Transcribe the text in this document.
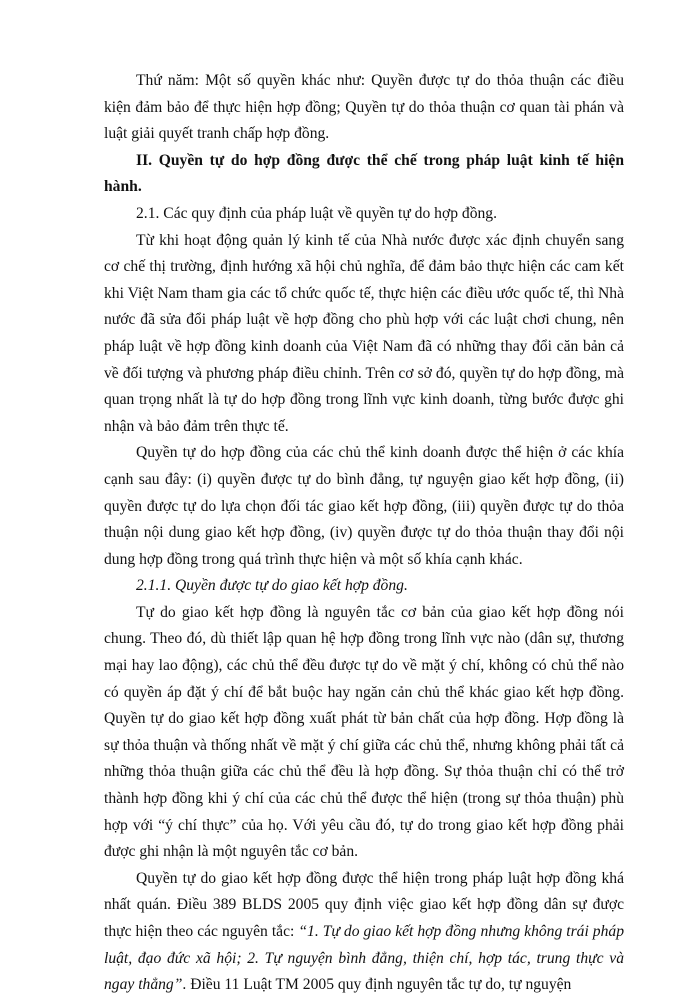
Thứ năm: Một số quyền khác như: Quyền được tự do thỏa thuận các điều kiện đảm bảo để thực hiện hợp đồng; Quyền tự do thỏa thuận cơ quan tài phán và luật giải quyết tranh chấp hợp đồng.

II. Quyền tự do hợp đồng được thể chế trong pháp luật kinh tế hiện hành.

2.1. Các quy định của pháp luật về quyền tự do hợp đồng.

Từ khi hoạt động quản lý kinh tế của Nhà nước được xác định chuyển sang cơ chế thị trường, định hướng xã hội chủ nghĩa, để đảm bảo thực hiện các cam kết khi Việt Nam tham gia các tổ chức quốc tế, thực hiện các điều ước quốc tế, thì Nhà nước đã sửa đổi pháp luật về hợp đồng cho phù hợp với các luật chơi chung, nên pháp luật về hợp đồng kinh doanh của Việt Nam đã có những thay đổi căn bản cả về đối tượng và phương pháp điều chỉnh. Trên cơ sở đó, quyền tự do hợp đồng, mà quan trọng nhất là tự do hợp đồng trong lĩnh vực kinh doanh, từng bước được ghi nhận và bảo đảm trên thực tế.

Quyền tự do hợp đồng của các chủ thể kinh doanh được thể hiện ở các khía cạnh sau đây: (i) quyền được tự do bình đẳng, tự nguyện giao kết hợp đồng, (ii) quyền được tự do lựa chọn đối tác giao kết hợp đồng, (iii) quyền được tự do thỏa thuận nội dung giao kết hợp đồng, (iv) quyền được tự do thỏa thuận thay đổi nội dung hợp đồng trong quá trình thực hiện và một số khía cạnh khác.

2.1.1. Quyền được tự do giao kết hợp đồng.

Tự do giao kết hợp đồng là nguyên tắc cơ bản của giao kết hợp đồng nói chung. Theo đó, dù thiết lập quan hệ hợp đồng trong lĩnh vực nào (dân sự, thương mại hay lao động), các chủ thể đều được tự do về mặt ý chí, không có chủ thể nào có quyền áp đặt ý chí để bắt buộc hay ngăn cản chủ thể khác giao kết hợp đồng. Quyền tự do giao kết hợp đồng xuất phát từ bản chất của hợp đồng. Hợp đồng là sự thỏa thuận và thống nhất về mặt ý chí giữa các chủ thể, nhưng không phải tất cả những thỏa thuận giữa các chủ thể đều là hợp đồng. Sự thỏa thuận chỉ có thể trở thành hợp đồng khi ý chí của các chủ thể được thể hiện (trong sự thỏa thuận) phù hợp với “ý chí thực” của họ. Với yêu cầu đó, tự do trong giao kết hợp đồng phải được ghi nhận là một nguyên tắc cơ bản.

Quyền tự do giao kết hợp đồng được thể hiện trong pháp luật hợp đồng khá nhất quán. Điều 389 BLDS 2005 quy định việc giao kết hợp đồng dân sự được thực hiện theo các nguyên tắc: “1. Tự do giao kết hợp đồng nhưng không trái pháp luật, đạo đức xã hội; 2. Tự nguyện bình đẳng, thiện chí, hợp tác, trung thực và ngay thẳng”. Điều 11 Luật TM 2005 quy định nguyên tắc tự do, tự nguyện
